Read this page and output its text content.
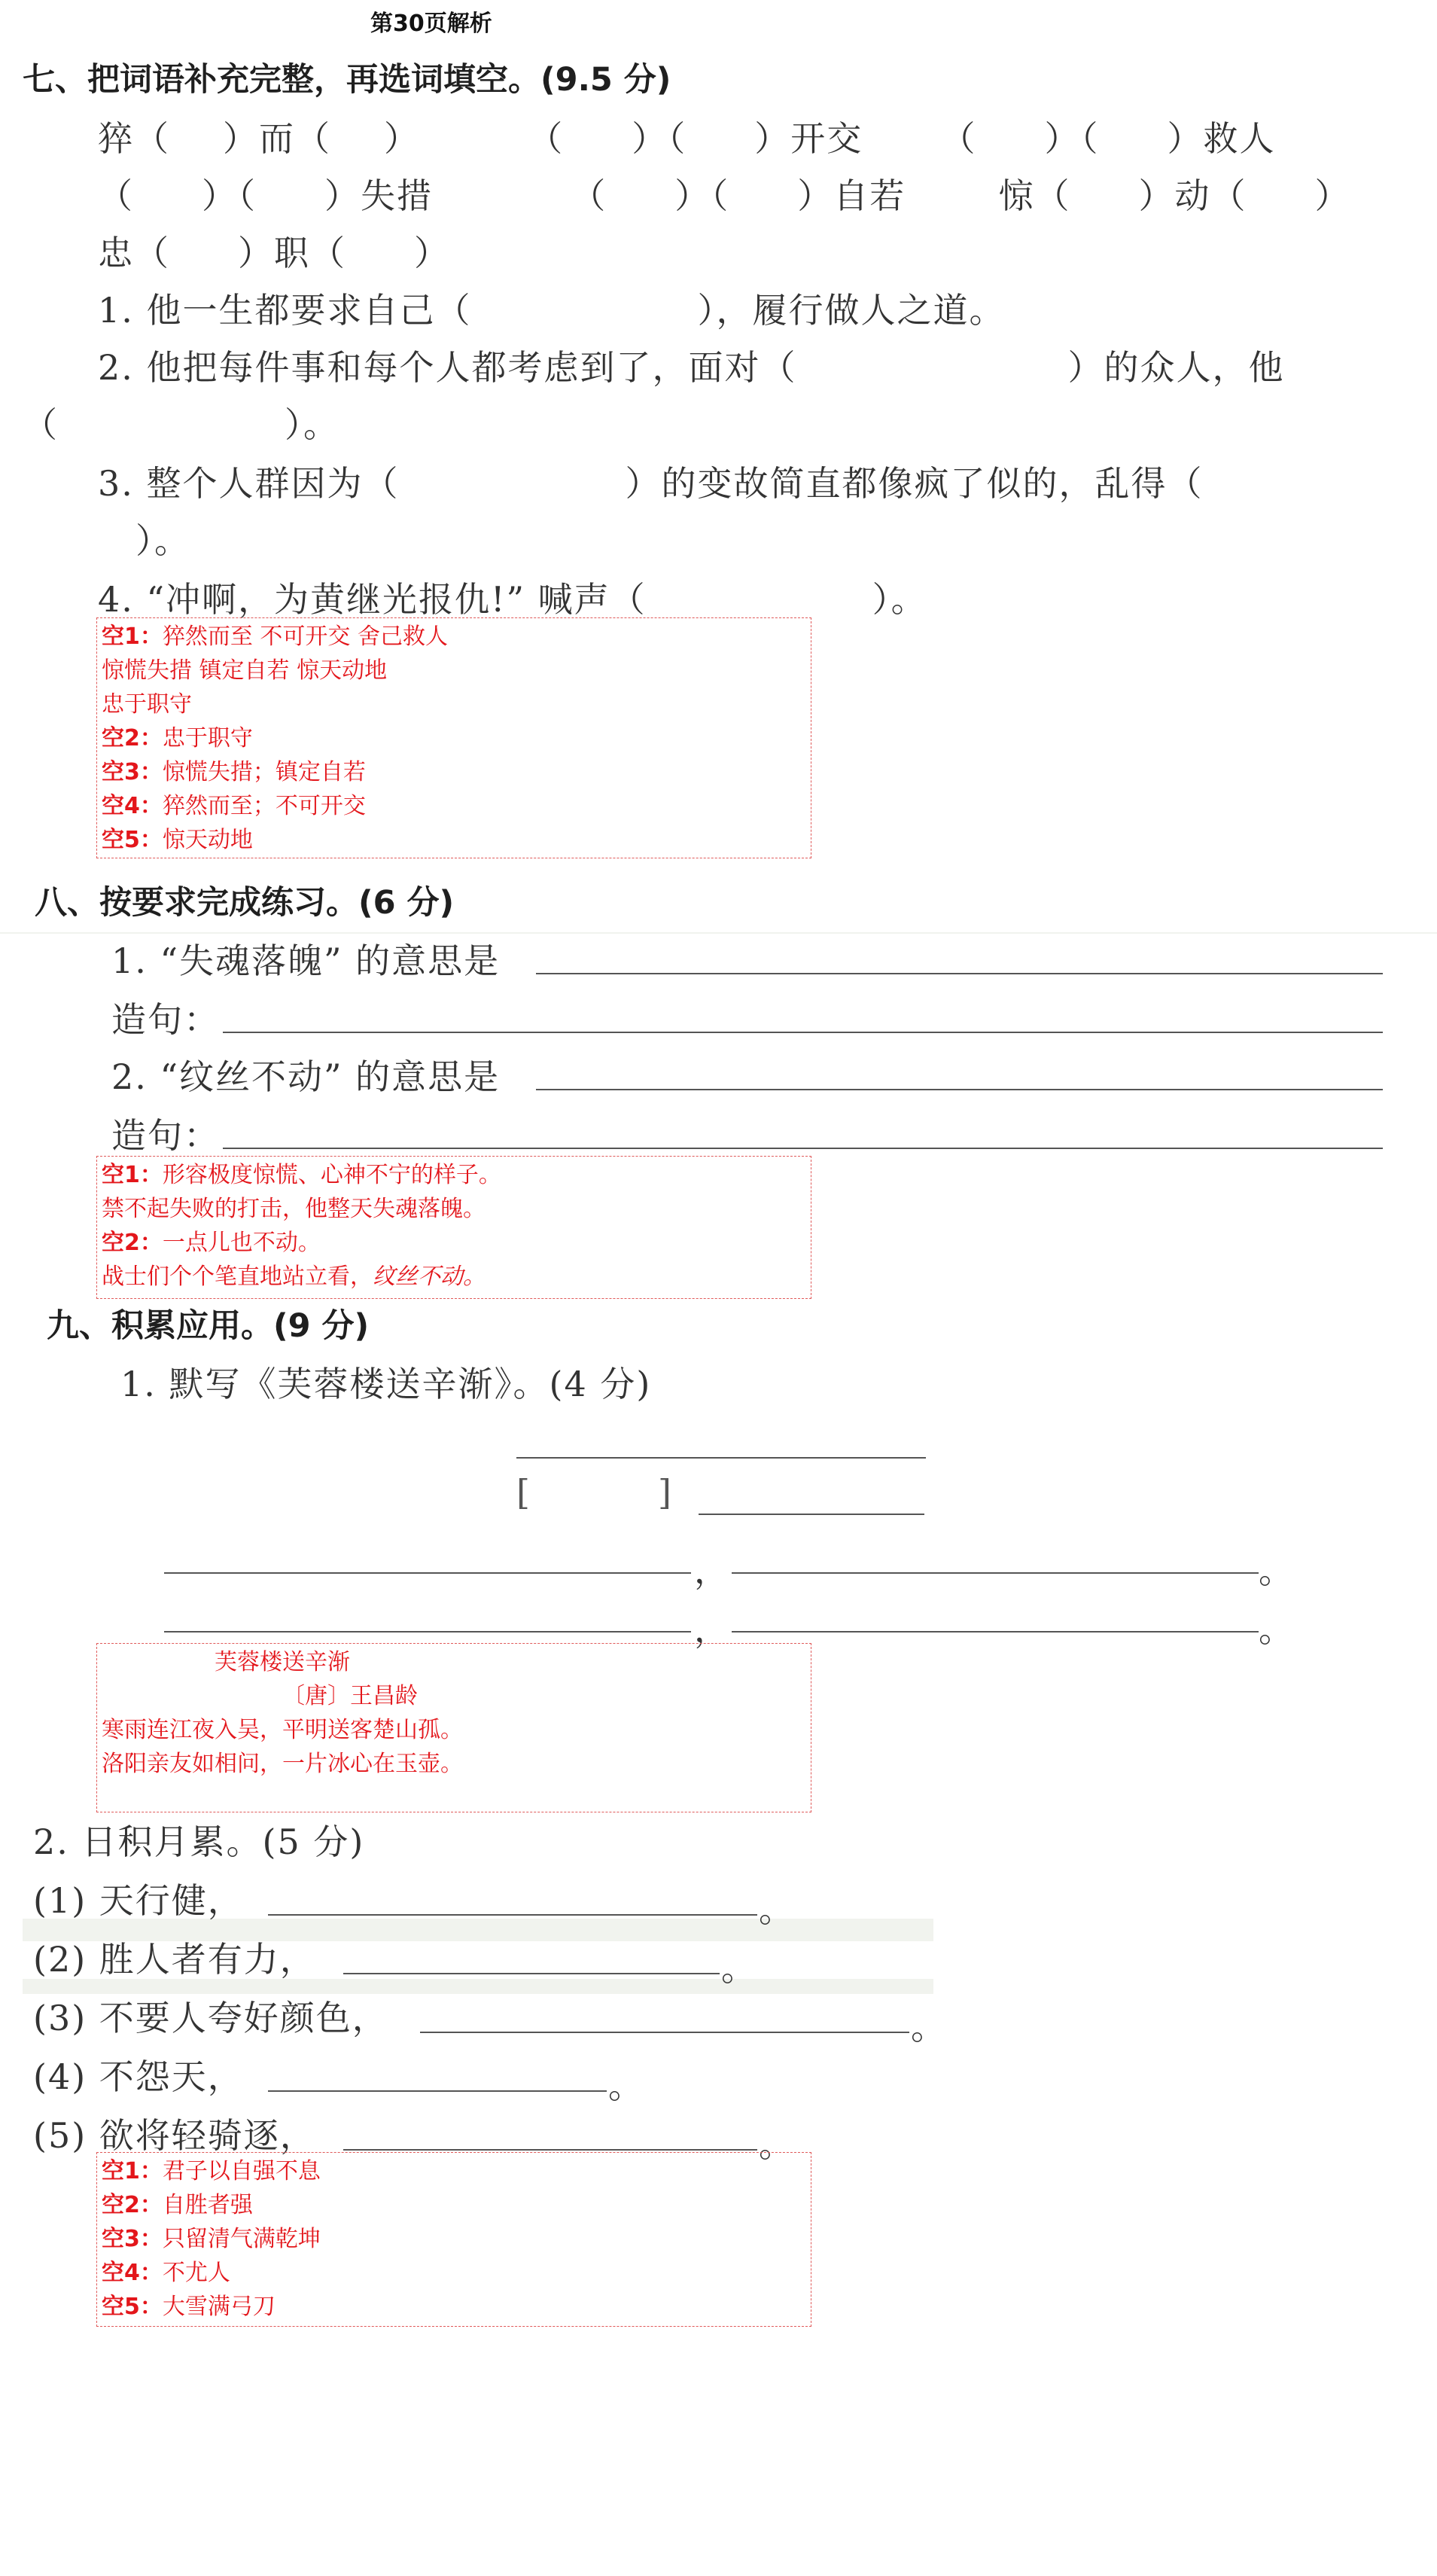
第30页解析
七、把词语补充完整，再选词填空。(9.5 分)
猝（ ）而（ ）	（ ）（ ）开交 （ ）（ ）救人
（ ）（ ）失措	（ ）（ ）自若	惊（ ）动（ ）
忠（ ）职（ ）
1. 他一生都要求自己（	），履行做人之道。
2. 他把每件事和每个人都考虑到了，面对（	）的众人，他
（	）。
3. 整个人群因为（	）的变故简直都像疯了似的，乱得（
）。
4. “冲啊，为黄继光报仇!” 喊声（	）。
空1：猝然而至 不可开交 舍己救人
惊慌失措 镇定自若 惊天动地
忠于职守
空2：忠于职守
空3：惊慌失措；镇定自若
空4：猝然而至；不可开交
空5：惊天动地
八、按要求完成练习。(6 分)
1. “失魂落魄” 的意思是
造句：
2. “纹丝不动” 的意思是
造句：
空1：形容极度惊慌、心神不宁的样子。
禁不起失败的打击，他整天失魂落魄。
空2：一点儿也不动。
战士们个个笔直地站立看，纹丝不动。
九、积累应用。(9 分)
1. 默写《芙蓉楼送辛渐》。(4 分)
[	]
，	。
，	。
芙蓉楼送辛渐
〔唐〕王昌龄
寒雨连江夜入吴，平明送客楚山孤。
洛阳亲友如相问，一片冰心在玉壶。
2. 日积月累。(5 分)
(1) 天行健，	。
(2) 胜人者有力，	。
(3) 不要人夸好颜色，	。
(4) 不怨天，	。
(5) 欲将轻骑逐，	。
空1：君子以自强不息
空2：自胜者强
空3：只留清气满乾坤
空4：不尤人
空5：大雪满弓刀
